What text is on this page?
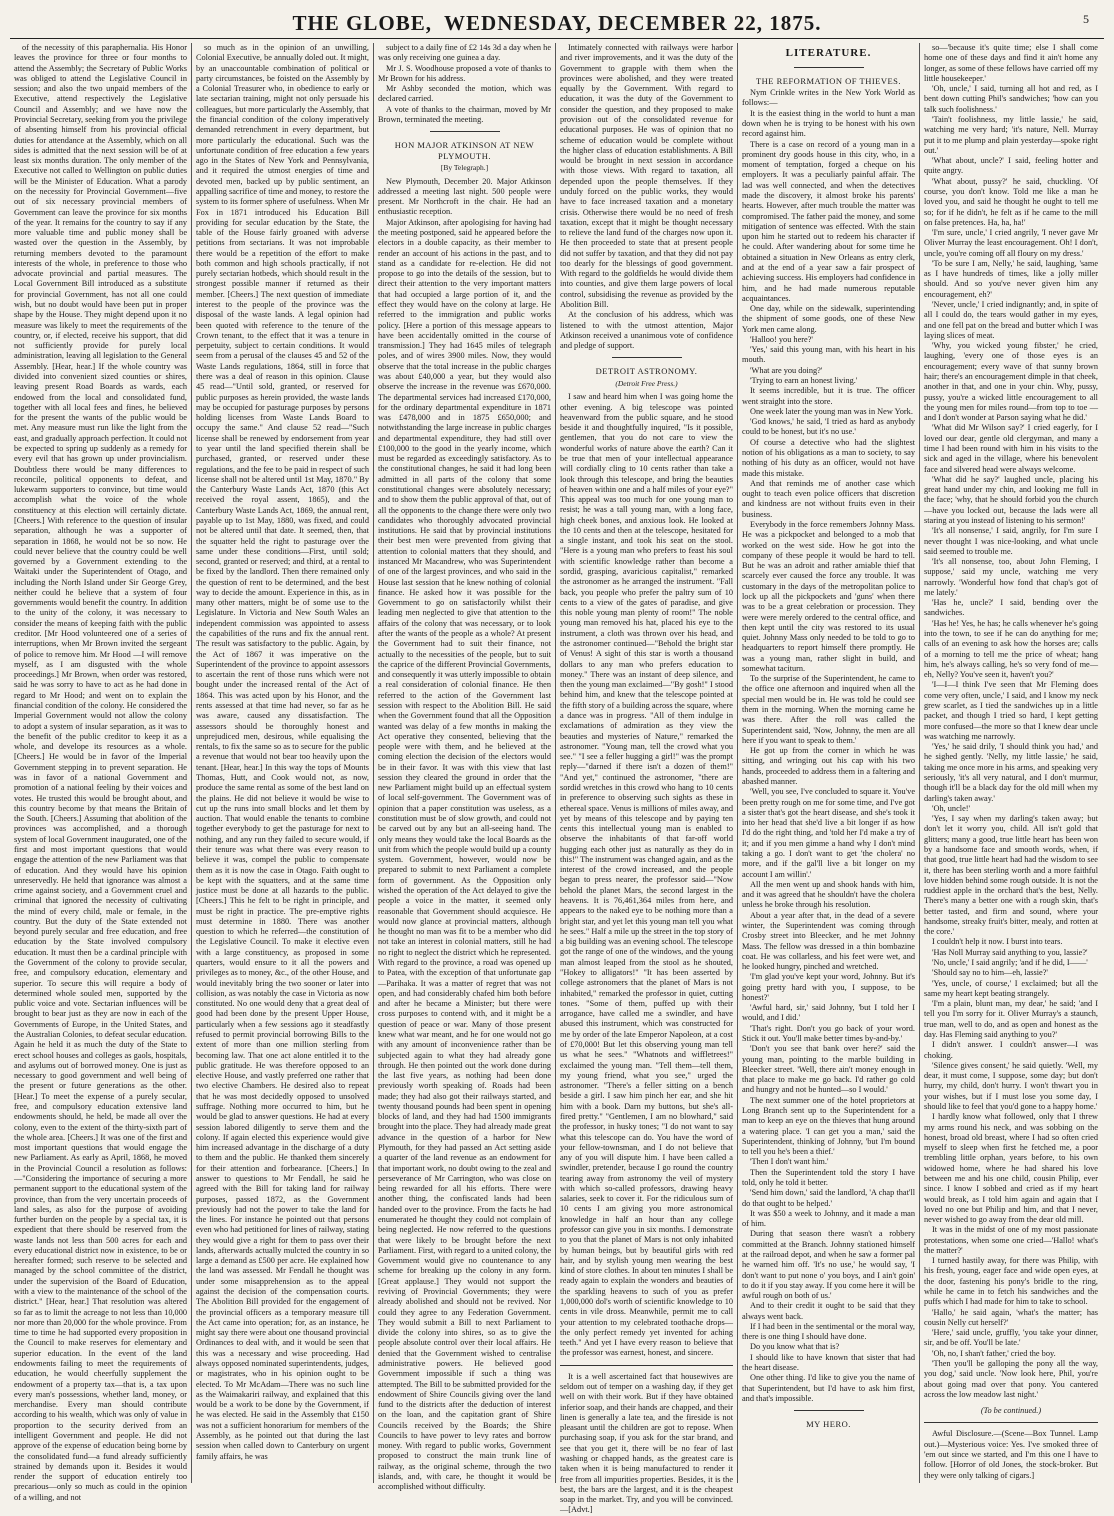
THE GLOBE, WEDNESDAY, DECEMBER 22, 1875.	5

of the necessity of this paraphernalia. His Honor leaves the province for three or four months to attend the Assembly; the Secretary of Public Works was obliged to attend the Legislative Council in session; and also the two unpaid members of the Executive, attend respectively the Legislative Council and Assembly; and we have now the Provincial Secretary, seeking from you the privilege of absenting himself from his provincial official duties for attendance at the Assembly, which on all sides is admitted that the next session will be of at least six months duration. The only member of the Executive not called to Wellington on public duties will be the Minister of Education. What a parody on the necessity for Provincial Government—five out of six necessary provincial members of Government can leave the province for six months of the year. It remains for the country to say if any more valuable time and public money shall be wasted over the question in the Assembly, by returning members devoted to the paramount interests of the whole, in preference to those who advocate provincial and partial measures. The Local Government Bill introduced as a substitute for provincial Government, has not all one could wish, but no doubt would have been put in proper shape by the House. They might depend upon it no measure was likely to meet the requirements of the country, or, if elected, receive his support, that did not sufficiently provide for purely local administration, leaving all legislation to the General Assembly. [Hear, hear.] If the whole country was divided into convenient sized counties or shires, leaving present Road Boards as wards, each endowed from the local and consolidated fund, together with all local fees and fines, he believed for the present the wants of the public would be met. Any measure must run like the light from the east, and gradually approach perfection. It could not be expected to spring up suddenly as a remedy for every evil that has grown up under provincialism. Doubtless there would be many differences to reconcile, political opponents to defeat, and lukewarm supporters to convince, but time would accomplish what the voice of the whole constituency at this election will certainly dictate. [Cheers.] With reference to the question of insular separation, although he was a supporter of separation in 1868, he would not be so now. He could never believe that the country could be well governed by a Government extending to the Waitaki under the Superintendent of Otago, and including the North Island under Sir George Grey, neither could he believe that a system of four governments would benefit the country. In addition to the unity of the colony, it was necessary to consider the means of keeping faith with the public creditor. [Mr Hood volunteered one of a series of interruptions, when Mr Brown invited the sergeant of police to remove him. Mr Hood —I will remove myself, as I am disgusted with the whole proceedings.] Mr Brown, when order was restored, said he was sorry to have to act as he had done in regard to Mr Hood; and went on to explain the financial condition of the colony. He considered the Imperial Government would not allow the colony to adopt a system of insular separation, as it was to the benefit of the public creditor to keep it as a whole, and develope its resources as a whole. [Cheers.] He would be in favor of the Imperial Government stepping in to prevent separation. He was in favor of a national Government and promotion of a national feeling by their voices and votes. He trusted this would be brought about, and this country become by that means the Britain of the South. [Cheers.] Assuming that abolition of the provinces was accomplished, and a thorough system of local Government inaugurated, one of the first and most important questions that would engage the attention of the new Parliament was that of education. And they would have his opinion unreservedly. He held that ignorance was almost a crime against society, and a Government cruel and criminal that ignored the necessity of cultivating the mind of every child, male or female, in the country. But the duty of the State extended not beyond purely secular and free education, and free education by the State involved compulsory education. It must then be a cardinal principle with the Government of the colony to provide secular, free, and compulsory education, elementary and superior. To secure this will require a body of determined whole souled men, supported by the public voice and vote. Sectarian influences will be brought to bear just as they are now in each of the Governments of Europe, in the United States, and the Australian Colonies, to defeat secular education. Again he held it as much the duty of the State to erect school houses and colleges as gaols, hospitals, and asylums out of borrowed money. One is just as necessary to good government and well being of the present or future generations as the other. [Hear.] To meet the expense of a purely secular, free, and compulsory education extensive land endowments should, he held, be made all over the colony, even to the extent of the thirty-sixth part of the whole area. [Cheers.] It was one of the first and most important questions that would engage the new Parliament. As early as April, 1868, he moved in the Provincial Council a resolution as follows:—"Considering the importance of securing a more permanent support to the educational system of the province, than from the very uncertain proceeds of land sales, as also for the purpose of avoiding further burden on the people by a special tax, it is expedient that there should be reserved from the waste lands not less than 500 acres for each and every educational district now in existence, to be or hereafter formed; such reserve to be selected and managed by the school committee of the district, under the supervision of the Board of Education, with a view to the maintenance of the school of the district." [Hear, hear.] That resolution was altered so far as to limit the acreage to not less than 10,000 nor more than 20,000 for the whole province. From time to time he had supported every proposition in the Council to make reserves for elementary and superior education. In the event of the land endowments failing to meet the requirements of education, he would cheerfully supplement the endowment of a property tax—that is, a tax upon every man's possessions, whether land, money, or merchandise. Every man should contribute according to his wealth, which was only of value in proportion to the security derived from an intelligent Government and people. He did not approve of the expense of education being borne by the consolidated fund—a fund already sufficiently strained by demands upon it. Besides it would render the support of education entirely too precarious—only so much as could in the opinion of a willing, and not

so much as in the opinion of an unwilling, Colonial Executive, be annually doled out. It might, by an unaccountable combination of political or party circumstances, be foisted on the Assembly by a Colonial Treasurer who, in obedience to early or late sectarian training, might not only persuade his colleagues, but more particularly the Assembly, that the financial condition of the colony imperatively demanded retrenchment in every department, but more particularly the educational. Such was the unfortunate condition of free education a few years ago in the States of New York and Pennsylvania, and it required the utmost energies of time and devoted men, backed up by public sentiment, an appalling sacrifice of time and money, to restore the system to its former sphere of usefulness. When Mr Fox in 1871 introduced his Education Bill providing for secular education by the State, the table of the House fairly groaned with adverse petitions from sectarians. It was not improbable there would be a repetition of the effort to make both common and high schools practically, if not purely sectarian hotbeds, which should result in the strongest possible manner if returned as their member. [Cheers.] The next question of immediate interest to the people of the province was the disposal of the waste lands. A legal opinion had been quoted with reference to the tenure of the Crown tenant, to the effect that it was a tenure in perpetuity, subject to certain conditions. It would seem from a perusal of the clauses 45 and 52 of the Waste Lands regulations, 1864, still in force that there was a deal of reason in this opinion. Clause 45 read—"Until sold, granted, or reserved for public purposes as herein provided, the waste lands may be occupied for pasturage purposes by persons holding licenses from Waste Lands Board to occupy the same." And clause 52 read—"Such license shall be renewed by endorsement from year to year until the land specified therein shall be purchased, granted, or reserved under these regulations, and the fee to be paid in respect of such license shall not be altered until 1st May, 1870." By the Canterbury Waste Lands Act, 1870 (this Act received the royal assent, 1865), and the Canterbury Waste Lands Act, 1869, the annual rent, payable up to 1st May, 1880, was fixed, and could not be altered until that date. It seemed, then, that the squatter held the right to pasturage over the same under these conditions—First, until sold; second, granted or reserved; and third, at a rental to be fixed by the landlord. Then there remained only the question of rent to be determined, and the best way to decide the amount. Experience in this, as in many other matters, might be of some use to the Legislature. In Victoria and New South Wales an independent commission was appointed to assess the capabilities of the runs and fix the annual rent. The result was satisfactory to the public. Again, by the Act of 1867 it was imperative on the Superintendent of the province to appoint assessors to ascertain the rent of those runs which were not bought under the increased rental of the Act of 1864. This was acted upon by his Honor, and the rents assessed at that time had never, so far as he was aware, caused any dissatisfaction. The assessors should be thoroughly honest and unprejudiced men, desirous, while equalising the rentals, to fix the same so as to secure for the public a revenue that would not bear too heavily upon the tenant. [Hear, hear.] In this way the tops of Mounts Thomas, Hutt, and Cook would not, as now, produce the same rental as some of the best land on the plains. He did not believe it would be wise to cut up the runs into small blocks and let them by auction. That would enable the tenants to combine together everybody to get the pasturage for next to nothing, and any run they failed to secure would, if their tenure was what there was every reason to believe it was, compel the public to compensate them as it is now the case in Otago. Faith ought to be kept with the squatters, and at the same time justice must be done at all hazards to the public. [Cheers.] This he felt to be right in principle, and must be right in practice. The pre-emptive rights must determine in 1880. There was another question to which he referred—the constitution of the Legislative Council. To make it elective even with a large constituency, as proposed in some quarters, would ensure to it all the powers and privileges as to money, &c., of the other House, and would inevitably bring the two sooner or later into collision, as was notably the case in Victoria as now constituted. No one would deny that a great deal of good had been done by the present Upper House, particularly when a few sessions ago it steadfastly refused to permit provincial borrowing Bills to the extent of more than one million sterling from becoming law. That one act alone entitled it to the public gratitude. He was therefore opposed to an elective House, and vastly preferred one rather that two elective Chambers. He desired also to repeat that he was most decidedly opposed to unsolved suffrage. Nothing more occurred to him, but he would be glad to answer questions. He had at every session labored diligently to serve them and the colony. If again elected this experience would give him increased advantage in the discharge of a duty to them and the public. He thanked them sincerely for their attention and forbearance. [Cheers.] In answer to questions to Mr Fendall, he said he agreed with the Bill for taking land for railway purposes, passed 1872, as the Government previously had not the power to take the land for the lines. For instance he pointed out that persons even who had petitioned for lines of railway, stating they would give a right for them to pass over their lands, afterwards actually mulcted the country in so large a demand as £500 per acre. He explained how the land was assessed. Mr Fendall he thought was under some misapprehension as to the appeal against the decision of the compensation courts. The Abolition Bill provided for the engagement of the provincial officers as a temporary measure till the Act came into operation; for, as an instance, he might say there were about one thousand provincial Ordinances to deal with, and it would be seen that this was a necessary and wise proceeding. Had always opposed nominated superintendents, judges, or magistrates, who in his opinion ought to be elected. To Mr McAdam—There was no such line as the Waimakariri railway, and explained that this would be a work to be done by the Government, if he was elected. He said in the Assembly that £150 was not a sufficient honorarium for members of the Assembly, as he pointed out that during the last session when called down to Canterbury on urgent family affairs, he was

subject to a daily fine of £2 14s 3d a day when he was only receiving one guinea a day.

Mr J. S. Woodhouse proposed a vote of thanks to Mr Brown for his address.

Mr Ashby seconded the motion, which was declared carried.

A vote of thanks to the chairman, moved by Mr Brown, terminated the meeting.

HON MAJOR ATKINSON AT NEW PLYMOUTH.
[By Telegraph.]

New Plymouth, December 20. Major Atkinson addressed a meeting last night. 500 people were present. Mr Northcroft in the chair. He had an enthusiastic reception.

Major Atkinson, after apologising for having had the meeting postponed, said he appeared before the electors in a double capacity, as their member to render an account of his actions in the past, and to stand as a candidate for re-election. He did not propose to go into the details of the session, but to direct their attention to the very important matters that had occupied a large portion of it, and the effect they would have on the colony at large. He referred to the immigration and public works policy. [Here a portion of this message appears to have been accidentally omitted in the course of transmission.] They had 1645 miles of telegraph poles, and of wires 3900 miles. Now, they would observe that the total increase in the public charges was about £40,000 a year, but they would also observe the increase in the revenue was £670,000. The departmental services had increased £170,000, for the ordinary departmental expenditure in 1871 was £478,000 and in 1875 £650,000; and notwithstanding the large increase in public charges and departmental expenditure, they had still over £100,000 to the good in the yearly income, which must be regarded as exceedingly satisfactory. As to the constitutional changes, he said it had long been admitted in all parts of the colony that some constitutional changes were absolutely necessary; and to show them the public approval of that, out of all the opponents to the change there were only two candidates who thoroughly advocated provincial institutions. He said that by provincial institutions their best men were prevented from giving that attention to colonial matters that they should, and instanced Mr Macandrew, who was Superintendent of one of the largest provinces, and who said in the House last session that he knew nothing of colonial finance. He asked how it was possible for the Government to go on satisfactorily whilst their leading men neglected to give that attention to the affairs of the colony that was necessary, or to look after the wants of the people as a whole? At present the Government had to suit their finance, not actually to the necessities of the people, but to suit the caprice of the different Provincial Governments, and consequently it was utterly impossible to obtain a real consideration of colonial finance. He then referred to the action of the Government last session with respect to the Abolition Bill. He said when the Government found that all the Opposition wanted was delay of a few months in making the Act operative they consented, believing that the people were with them, and he believed at the coming election the decision of the electors would be in their favor. It was with this view that last session they cleared the ground in order that the new Parliament might build up an effectual system of local self-government. The Government was of opinion that a paper constitution was useless, as a constitution must be of slow growth, and could not be carved out by any but an all-seeing hand. The only means they would take the local Boards as the unit from which the people would build up a county system. Government, however, would now be prepared to submit to next Parliament a complete form of government. As the Opposition only wished the operation of the Act delayed to give the people a voice in the matter, it seemed only reasonable that Government should acquiesce. He would now glance at provincial matters, although he thought no man was fit to be a member who did not take an interest in colonial matters, still he had no right to neglect the district which he represented. With regard to the province, a road was opened up to Patea, with the exception of that unfortunate gap—Parihaka. It was a matter of regret that was not open, and had considerably chafed him both before and after he became a Minister; but there were cross purposes to contend with, and it might be a question of peace or war. Many of those present knew what war meant, and he for one would not go with any amount of inconvenience rather than be subjected again to what they had already gone through. He then pointed out the work done during the last five years, as nothing had been done previously worth speaking of. Roads had been made; they had also got their railways started, and twenty thousand pounds had been spent in opening blocks of land, and they had had 1500 immigrants brought into the place. They had already made great advance in the question of a harbor for New Plymouth, for they had passed an Act setting aside a quarter of the land revenue as an endowment for that important work, no doubt owing to the zeal and perseverance of Mr Carrington, who was close on being rewarded for all his efforts. There were another thing, the confiscated lands had been handed over to the province. From the facts he had enumerated he thought they could not complain of being neglected. He now referred to the questions that were likely to be brought before the next Parliament. First, with regard to a united colony, the Government would give no countenance to any scheme for breaking up the colony in any form. [Great applause.] They would not support the reviving of Provincial Governments; they were already abolished and should not be revived. Nor could they agree to any Federation Government. They would submit a Bill to next Parliament to divide the colony into shires, so as to give the people absolute control over their local affairs. He denied that the Government wished to centralise administrative powers. He believed good Government impossible if such a thing was attempted. The Bill to be submitted provided for the endowment of Shire Councils giving over the land fund to the districts after the deduction of interest on the loan, and the capitation grant of Shire Councils received by the Boards; the Shire Councils to have power to levy rates and borrow money. With regard to public works, Government proposed to construct the main trunk line of railway, as the original scheme, through the two islands, and, with care, he thought it would be accomplished without difficulty.

Intimately connected with railways were harbor and river improvements, and it was the duty of the Government to grapple with them when the provinces were abolished, and they were treated equally by the Government. With regard to education, it was the duty of the Government to consider the question, and they proposed to make provision out of the consolidated revenue for educational purposes. He was of opinion that no scheme of education would be complete without the higher class of education establishments. A Bill would be brought in next session in accordance with those views. With regard to taxation, all depended upon the people themselves. If they unduly forced on the public works, they would have to face increased taxation and a monetary crisis. Otherwise there would be no need of fresh taxation, except that it might be thought necessary to relieve the land fund of the charges now upon it. He then proceeded to state that at present people did not suffer by taxation, and that they did not pay too dearly for the blessings of good government. With regard to the goldfields he would divide them into counties, and give them large powers of local control, subsidising the revenue as provided by the Abolition Bill.

At the conclusion of his address, which was listened to with the utmost attention, Major Atkinson received a unanimous vote of confidence and pledge of support.

DETROIT ASTRONOMY.
(Detroit Free Press.)

I saw and heard him when I was going home the other evening. A big telescope was pointed heavenward from the public square, and he stood beside it and thoughtfully inquired, "Is it possible, gentlemen, that you do not care to view the wonderful works of nature above the earth? Can it be true that men of your intellectual appearance will cordially cling to 10 cents rather than take a look through this telescope, and bring the beauties of heaven within one and a half miles of your eye?" This appeal was too much for one young man to resist; he was a tall young man, with a long face, high cheek bones, and anxious look. He looked at the 10 cents and then at the telescope, hesitated for a single instant, and took his seat on the stool. "Here is a young man who prefers to feast his soul with scientific knowledge rather than become a sordid, grasping, avaricious capitalist," remarked the astronomer as he arranged the instrument. "Fall back, you people who prefer the paltry sum of 10 cents to a view of the gates of paradise, and give this noble young man plenty of room!" The noble young man removed his hat, placed his eye to the instrument, a cloth was thrown over his head, and the astronomer continued—"Behold the bright star of Venus! A sight of this star is worth a thousand dollars to any man who prefers education to money." There was an instant of deep silence, and then the young man exclaimed—"By gosh!" I stood behind him, and knew that the telescope pointed at the fifth story of a building across the square, where a dance was in progress. "All of them indulge in exclamations of admiration as they view the beauties and mysteries of Nature," remarked the astronomer. "Young man, tell the crowd what you see." "I see a feller hugging a girl!" was the prompt reply—"darned if there isn't a dozen of them!" "And yet," continued the astronomer, "there are sordid wretches in this crowd who hang to 10 cents in preference to observing such sights as these in ethereal space. Venus is millions of miles away, and yet by means of this telescope and by paying ten cents this intellectual young man is enabled to observe the inhabitants of that far-off world hugging each other just as naturally as they do in this!" The instrument was changed again, and as the interest of the crowd increased, and the people began to press nearer, the professor said—"Now behold the planet Mars, the second largest in the heavens. It is 76,461,364 miles from here, and appears to the naked eye to be nothing more than a bright star, and yet let this young man tell you what he sees." Half a mile up the street in the top story of a big building was an evening school. The telescope got the range of one of the windows, and the young man almost leaped from the stool as he shouted, "Hokey to alligators!" "It has been asserted by college astronomers that the planet of Mars is not inhabited," remarked the professor in quiet, cutting tones. "Some of them, puffed up with their arrogance, have called me a swindler, and have abused this instrument, which was constructed for me by order of the late Emperor Napoleon, at a cost of £70,000! But let this observing young man tell us what he sees." "Whatnots and wiffletrees!" exclaimed the young man. "Tell them—tell them, my young friend, what you see," urged the astronomer. "There's a feller sitting on a bench beside a girl. I saw him pinch her ear, and she hit him with a book. Darn my buttons, but she's all-fired pretty." "Gentlemen, I am no blowhard," said the professor, in husky tones; "I do not want to say what this telescope can do. You have the word of your fellow-townsman, and I do not believe that any of you will dispute him. I have been called a swindler, pretender, because I go round the country tearing away from astronomy the veil of mystery with which so-called professors, drawing heavy salaries, seek to cover it. For the ridiculous sum of 10 cents I am giving you more astronomical knowledge in half an hour than any college professor can give you in six months. I demonstrate to you that the planet of Mars is not only inhabited by human beings, but by beautiful girls with red hair, and by stylish young men wearing the best kind of store clothes. In about ten minutes I shall be ready again to explain the wonders and beauties of the sparkling heavens to such of you as prefer 1,000,000 dol's worth of scientific knowledge to 10 cents in vile dross. Meanwhile, permit me to call your attention to my celebrated toothache drops—the only perfect remedy yet invented for aching teeth." And yet I have every reason to believe that the professor was earnest, honest, and sincere.

It is a well ascertained fact that housewives are seldom out of temper on a washing day, if they get well on with their work. But if they have obtained inferior soap, and their hands are chapped, and their linen is generally a late tea, and the fireside is not pleasant until the children are got to repose. When purchasing soap, if you ask for the star brand, and see that you get it, there will be no fear of last washing or chapped hands, as the greatest care is taken when it is being manufactured to render it free from all impurities properties. Besides, it is the best, the bars are the largest, and it is the cheapest soap in the market. Try, and you will be convinced.—[Advt.]

LITERATURE.
THE REFORMATION OF THIEVES.

Nym Crinkle writes in the New York World as follows:—

It is the easiest thing in the world to hunt a man down when he is trying to be honest with his own record against him.

There is a case on record of a young man in a prominent dry goods house in this city, who, in a moment of temptation, forged a cheque on his employers. It was a peculiarly painful affair. The lad was well connected, and when the detectives made the discovery, it almost broke his parents' hearts. However, after much trouble the matter was compromised. The father paid the money, and some mitigation of sentence was effected. With the stain upon him he started out to redeem his character if he could. After wandering about for some time he obtained a situation in New Orleans as entry clerk, and at the end of a year saw a fair prospect of achieving success. His employers had confidence in him, and he had made numerous reputable acquaintances.

One day, while on the sidewalk, superintending the shipment of some goods, one of these New York men came along.

'Halloo! you here?'

'Yes,' said this young man, with his heart in his mouth.

'What are you doing?'

'Trying to earn an honest living.'

It seems incredible, but it is true. The officer went straight into the store.

One week later the young man was in New York.

'God knows,' he said, 'I tried as hard as anybody could to be honest, but it's no use.'

Of course a detective who had the slightest notion of his obligations as a man to society, to say nothing of his duty as an officer, would not have made this mistake.

And that reminds me of another case which ought to teach even police officers that discretion and kindness are not without fruits even in their business.

Everybody in the force remembers Johnny Mass. He was a pickpocket and belonged to a mob that worked on the west side. How he got into the company of these people it would be hard to tell. But he was an adroit and rather amiable thief that scarcely ever caused the force any trouble. It was customary in the days of the metropolitan police to lock up all the pickpockets and 'guns' when there was to be a great celebration or procession. They were were merely ordered to the central office, and then kept until the city was restored to its usual quiet. Johnny Mass only needed to be told to go to headquarters to report himself there promptly. He was a young man, rather slight in build, and somewhat taciturn.

To the surprise of the Superintendent, he came to the office one afternoon and inquired when all the special men would be in. He was told he could see them in the morning. When the morning came he was there. After the roll was called the Superintendent said, 'Now, Johnny, the men are all here if you want to speak to them.'

He got up from the corner in which he was sitting, and wringing out his cap with his two hands, proceeded to address them in a faltering and abashed manner.

'Well, you see, I've concluded to square it. You've been pretty rough on me for some time, and I've got a sister that's got the heart disease, and she's took it into her head that she'd live a bit longer if as how I'd do the right thing, and 'told her I'd make a try of it; and if you men gimme a hand why I don't mind taking a go. I don't want to get 'the cholera' no more, and if the gal'll live a bit longer on my account I am willin'.'

All the men went up and shook hands with him, and it was agreed that he shouldn't have the cholera unless he broke through his resolution.

About a year after that, in the dead of a severe winter, the Superintendent was coming through Crosby street into Bleecker, and he met Johnny Mass. The fellow was dressed in a thin bombazine coat. He was collarless, and his feet were wet, and he looked hungry, pinched and wretched.

'I'm glad you've kept your word, Johnny. But it's going pretty hard with you, I suppose, to be honest?'

'Awful hard, sir,' said Johnny, 'but I told her I would, and I did.'

'That's right. Don't you go back of your word. Stick it out. You'll make better times by-and-by.'

'Don't you see that bank over here?' said the young man, pointing to the marble building in Bleecker street. 'Well, there ain't money enough in that place to make me go back. I'd rather go cold and hungry and not be hunted—so I would.'

The next summer one of the hotel proprietors at Long Branch sent up to the Superintendent for a man to keep an eye on the thieves that hung around a watering place. 'I can get you a man,' said the Superintendent, thinking of Johnny, 'but I'm bound to tell you he's been a thief.'

'Then I don't want him.'

Then the Superintendent told the story I have told, only he told it better.

'Send him down,' said the landlord, 'A chap that'll do that ought to be helped.'

It was $50 a week to Johnny, and it made a man of him.

During that season there wasn't a robbery committed at the Branch. Johnny stationed himself at the railroad depot, and when he saw a former pal he warned him off. 'It's no use,' he would say, 'I don't want to put none o' you boys, and I ain't goin' to do it if you stay away. If you come here it will be awful rough on both of us.'

And to their credit it ought to be said that they always went back.

If I had been in the sentimental or the moral way, there is one thing I should have done.

Do you know what that is?

I should like to have known that sister that had the heart disease.

One other thing. I'd like to give you the name of that Superintendent, but I'd have to ask him first, and that's impossible.

MY HERO.

so—'because it's quite time; else I shall come home one of these days and find it ain't home any longer, as some of these fellows have carried off my little housekeeper.'

'Oh, uncle,' I said, turning all hot and red, as I bent down cutting Phil's sandwiches; 'how can you talk such foolishness.'

'Tain't foolishness, my little lassie,' he said, watching me very hard; 'it's nature, Nell. Murray put it to me plump and plain yesterday—spoke right out.'

'What about, uncle?' I said, feeling hotter and quite angry.

'What about, pussy?' he said, chuckling. 'Of course, you don't know. Told me like a man he loved you, and said he thought he ought to tell me so; for if he didn't, he felt as if he came to the mill on false pretences. Ha, ha, ha!'

'I'm sure, uncle,' I cried angrily, 'I never gave Mr Oliver Murray the least encouragement. Oh! I don't, uncle, you're coming off all floury on my dress.'

'To be sure I am, Nelly,' he said, laughing, 'same as I have hundreds of times, like a jolly miller should. And so you've never given him any encouragement, eh?'

'Never, uncle,' I cried indignantly; and, in spite of all I could do, the tears would gather in my eyes, and one fell pat on the bread and butter which I was laying slices of meat.

'Why, you wicked young fibster,' he cried, laughing, 'every one of those eyes is an encouragement; every wave of that sunny brown hair; there's an encouragement dimple in that cheek, another in that, and one in your chin. Why, pussy, pussy, you're a wicked little encouragement to all the young men for miles round—from top to toe —and I don't wonder at Parson saying what he did.'

'What did Mr Wilson say?' I cried eagerly, for I loved our dear, gentle old clergyman, and many a time I had been round with him in his visits to the sick and aged in the village, where his benevolent face and silvered head were always welcome.

'What did he say?' laughed uncle, placing his great hand under my chin, and looking me full in the face; 'why, that he should forbid you the church—have you locked out, because the lads were all staring at you instead of listening to his sermon!'

'It's all nonsense,' I said, angrily, for I'm sure I never thought I was nice-looking, and what uncle said seemed to trouble me.

'It's all nonsense, too, about John Fleming, I suppose,' said my uncle, watching me very narrowly. 'Wonderful how fond that chap's got of me lately.'

'Has he, uncle?' I said, bending over the sandwiches.

'Has he! Yes, he has; he calls whenever he's going into the town, to see if he can do anything for me; calls of an evening to ask how the horses are; calls of a morning to tell me the price of wheat; hang him, he's always calling, he's so very fond of me—eh, Nelly? You've seen it, haven't you?'

'I—I—I think I've seen that Mr Fleming does come very often, uncle,' I said, and I know my neck grew scarlet, as I tied the sandwiches up in a little packet, and though I tried so hard, I kept getting more confused—the more so that I knew dear uncle was watching me narrowly.

'Yes,' he said drily, 'I should think you had,' and he sighed gently. 'Nelly, my little lassie,' he said, taking me once more in his arms, and speaking very seriously, 'it's all very natural, and I don't murmur, though it'll be a black day for the old mill when my darling's taken away.'

'Oh, uncle!'

'Yes, I say when my darling's taken away; but don't let it worry you, child. All isn't gold that glitters; many a good, true little heart has been won by a handsome face and smooth words, when, if that good, true little heart had had the wisdom to see it, there has been sterling worth and a more faithful love hidden behind some rough outside. It is not the ruddiest apple in the orchard that's the best, Nelly. There's many a better one with a rough skin, that's better tasted, and firm and sound, where your handsome, streaky fruit's bitter, mealy, and rotten at the core.'

I couldn't help it now. I burst into tears.

'Has Noll Murray said anything to you, lassie?'

'No, uncle,' I said angrily; 'and if he did, I——'

'Should say no to him—eh, lassie?'

'Yes, uncle, of course,' I exclaimed; but all the same my heart kept beating strangely.

'I'm a plain, blunt man, my dear,' he said; 'and I tell you I'm sorry for it. Oliver Murray's a staunch, true man, well to do, and as open and honest as the day. Has Fleming said anything to you?'

I didn't answer. I couldn't answer—I was choking.

'Silence gives consent,' he said quietly. 'Well, my dear, it must come, I suppose, some day; but don't hurry, my child, don't hurry. I won't thwart you in your wishes, but if I must lose you some day, I should like to feel that you'd gone to a happy home.'

I hardly know what followed, only that I threw my arms round his neck, and was sobbing on the honest, broad old breast, where I had so often cried myself to sleep when first he fetched me, a poor trembling little orphan, years before, to his own widowed home, where he had shared his love between me and his one child, cousin Philip, ever since. I know I sobbed and cried as if my heart would break, as I told him again and again that I loved no one but Philip and him, and that I never, never wished to go away from the dear old mill.

It was in the midst of one of my most passionate protestations, when some one cried—'Hallo! what's the matter?'

I turned hastily away, for there was Philip, with his fresh, young, eager face and wide open eyes, at the door, fastening his pony's bridle to the ring, while he came in to fetch his sandwiches and the puffs which I had made for him to take to school.

'Hallo,' he said again, 'what's the matter; has cousin Nelly cut herself?'

'Here,' said uncle, gruffly, 'you take your dinner, sir, and be off. You'll be late.'

'Oh, no, I shan't father,' cried the boy.

'Then you'll be galloping the pony all the way, you dog,' said uncle. 'Now look here, Phil, you're about going mad over that pony. You cantered across the low meadow last night.'

(To be continued.)

Awful Disclosure.—(Scene—Box Tunnel. Lamp out.)—Mysterious voice: Yes. I've smoked three of 'em out since we started, and I'm this one I have to follow. [Horror of old Jones, the stock-broker. But they were only talking of cigars.]
